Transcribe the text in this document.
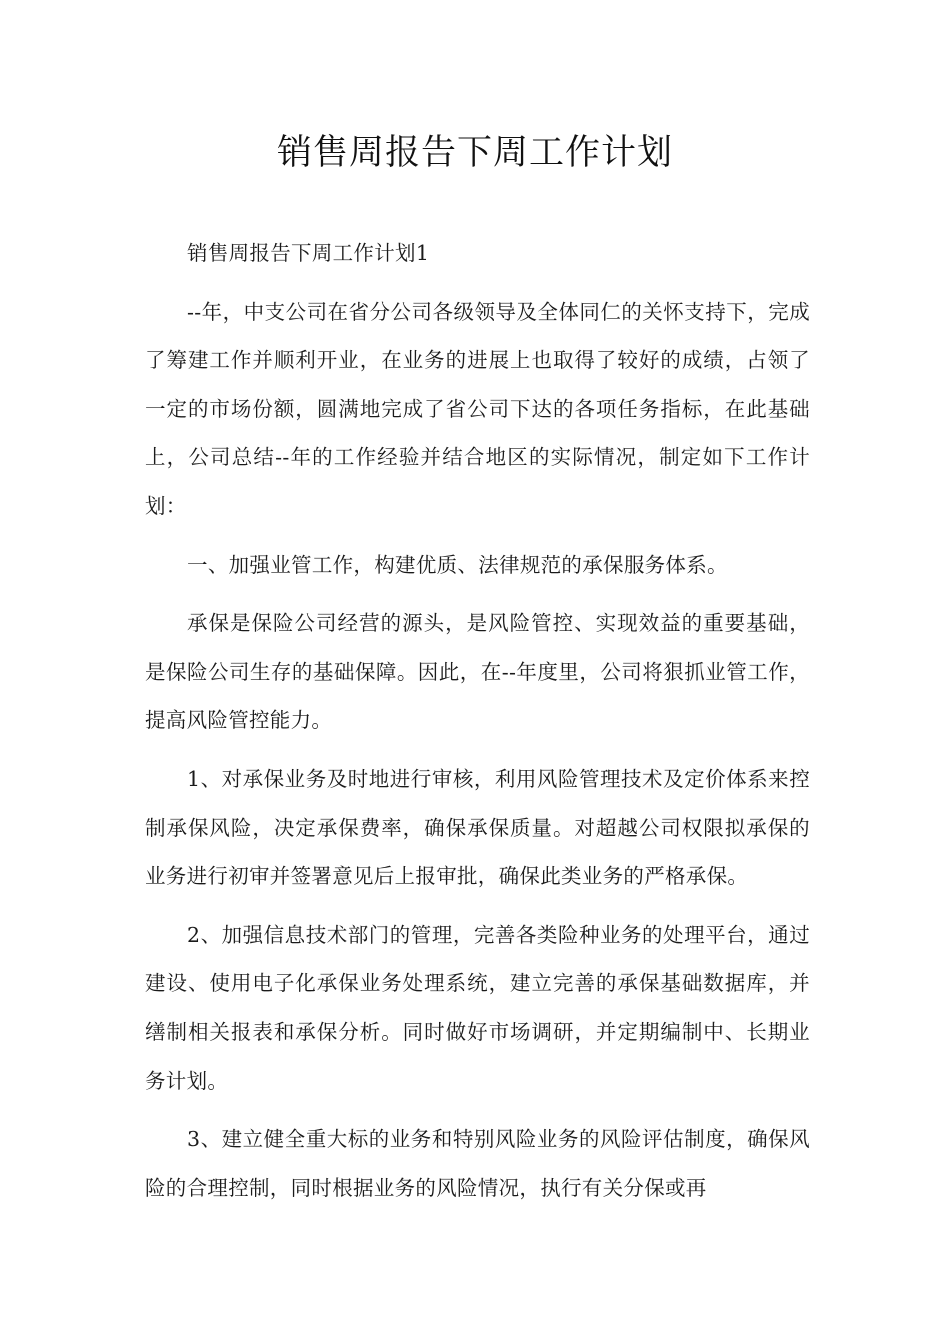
销售周报告下周工作计划

销售周报告下周工作计划1

--年，中支公司在省分公司各级领导及全体同仁的关怀支持下，完成了筹建工作并顺利开业，在业务的进展上也取得了较好的成绩，占领了一定的市场份额，圆满地完成了省公司下达的各项任务指标，在此基础上，公司总结--年的工作经验并结合地区的实际情况，制定如下工作计划：

一、加强业管工作，构建优质、法律规范的承保服务体系。

承保是保险公司经营的源头，是风险管控、实现效益的重要基础，是保险公司生存的基础保障。因此，在--年度里，公司将狠抓业管工作，提高风险管控能力。

1、对承保业务及时地进行审核，利用风险管理技术及定价体系来控制承保风险，决定承保费率，确保承保质量。对超越公司权限拟承保的业务进行初审并签署意见后上报审批，确保此类业务的严格承保。

2、加强信息技术部门的管理，完善各类险种业务的处理平台，通过建设、使用电子化承保业务处理系统，建立完善的承保基础数据库，并缮制相关报表和承保分析。同时做好市场调研，并定期编制中、长期业务计划。

3、建立健全重大标的业务和特别风险业务的风险评估制度，确保风险的合理控制，同时根据业务的风险情况，执行有关分保或再
